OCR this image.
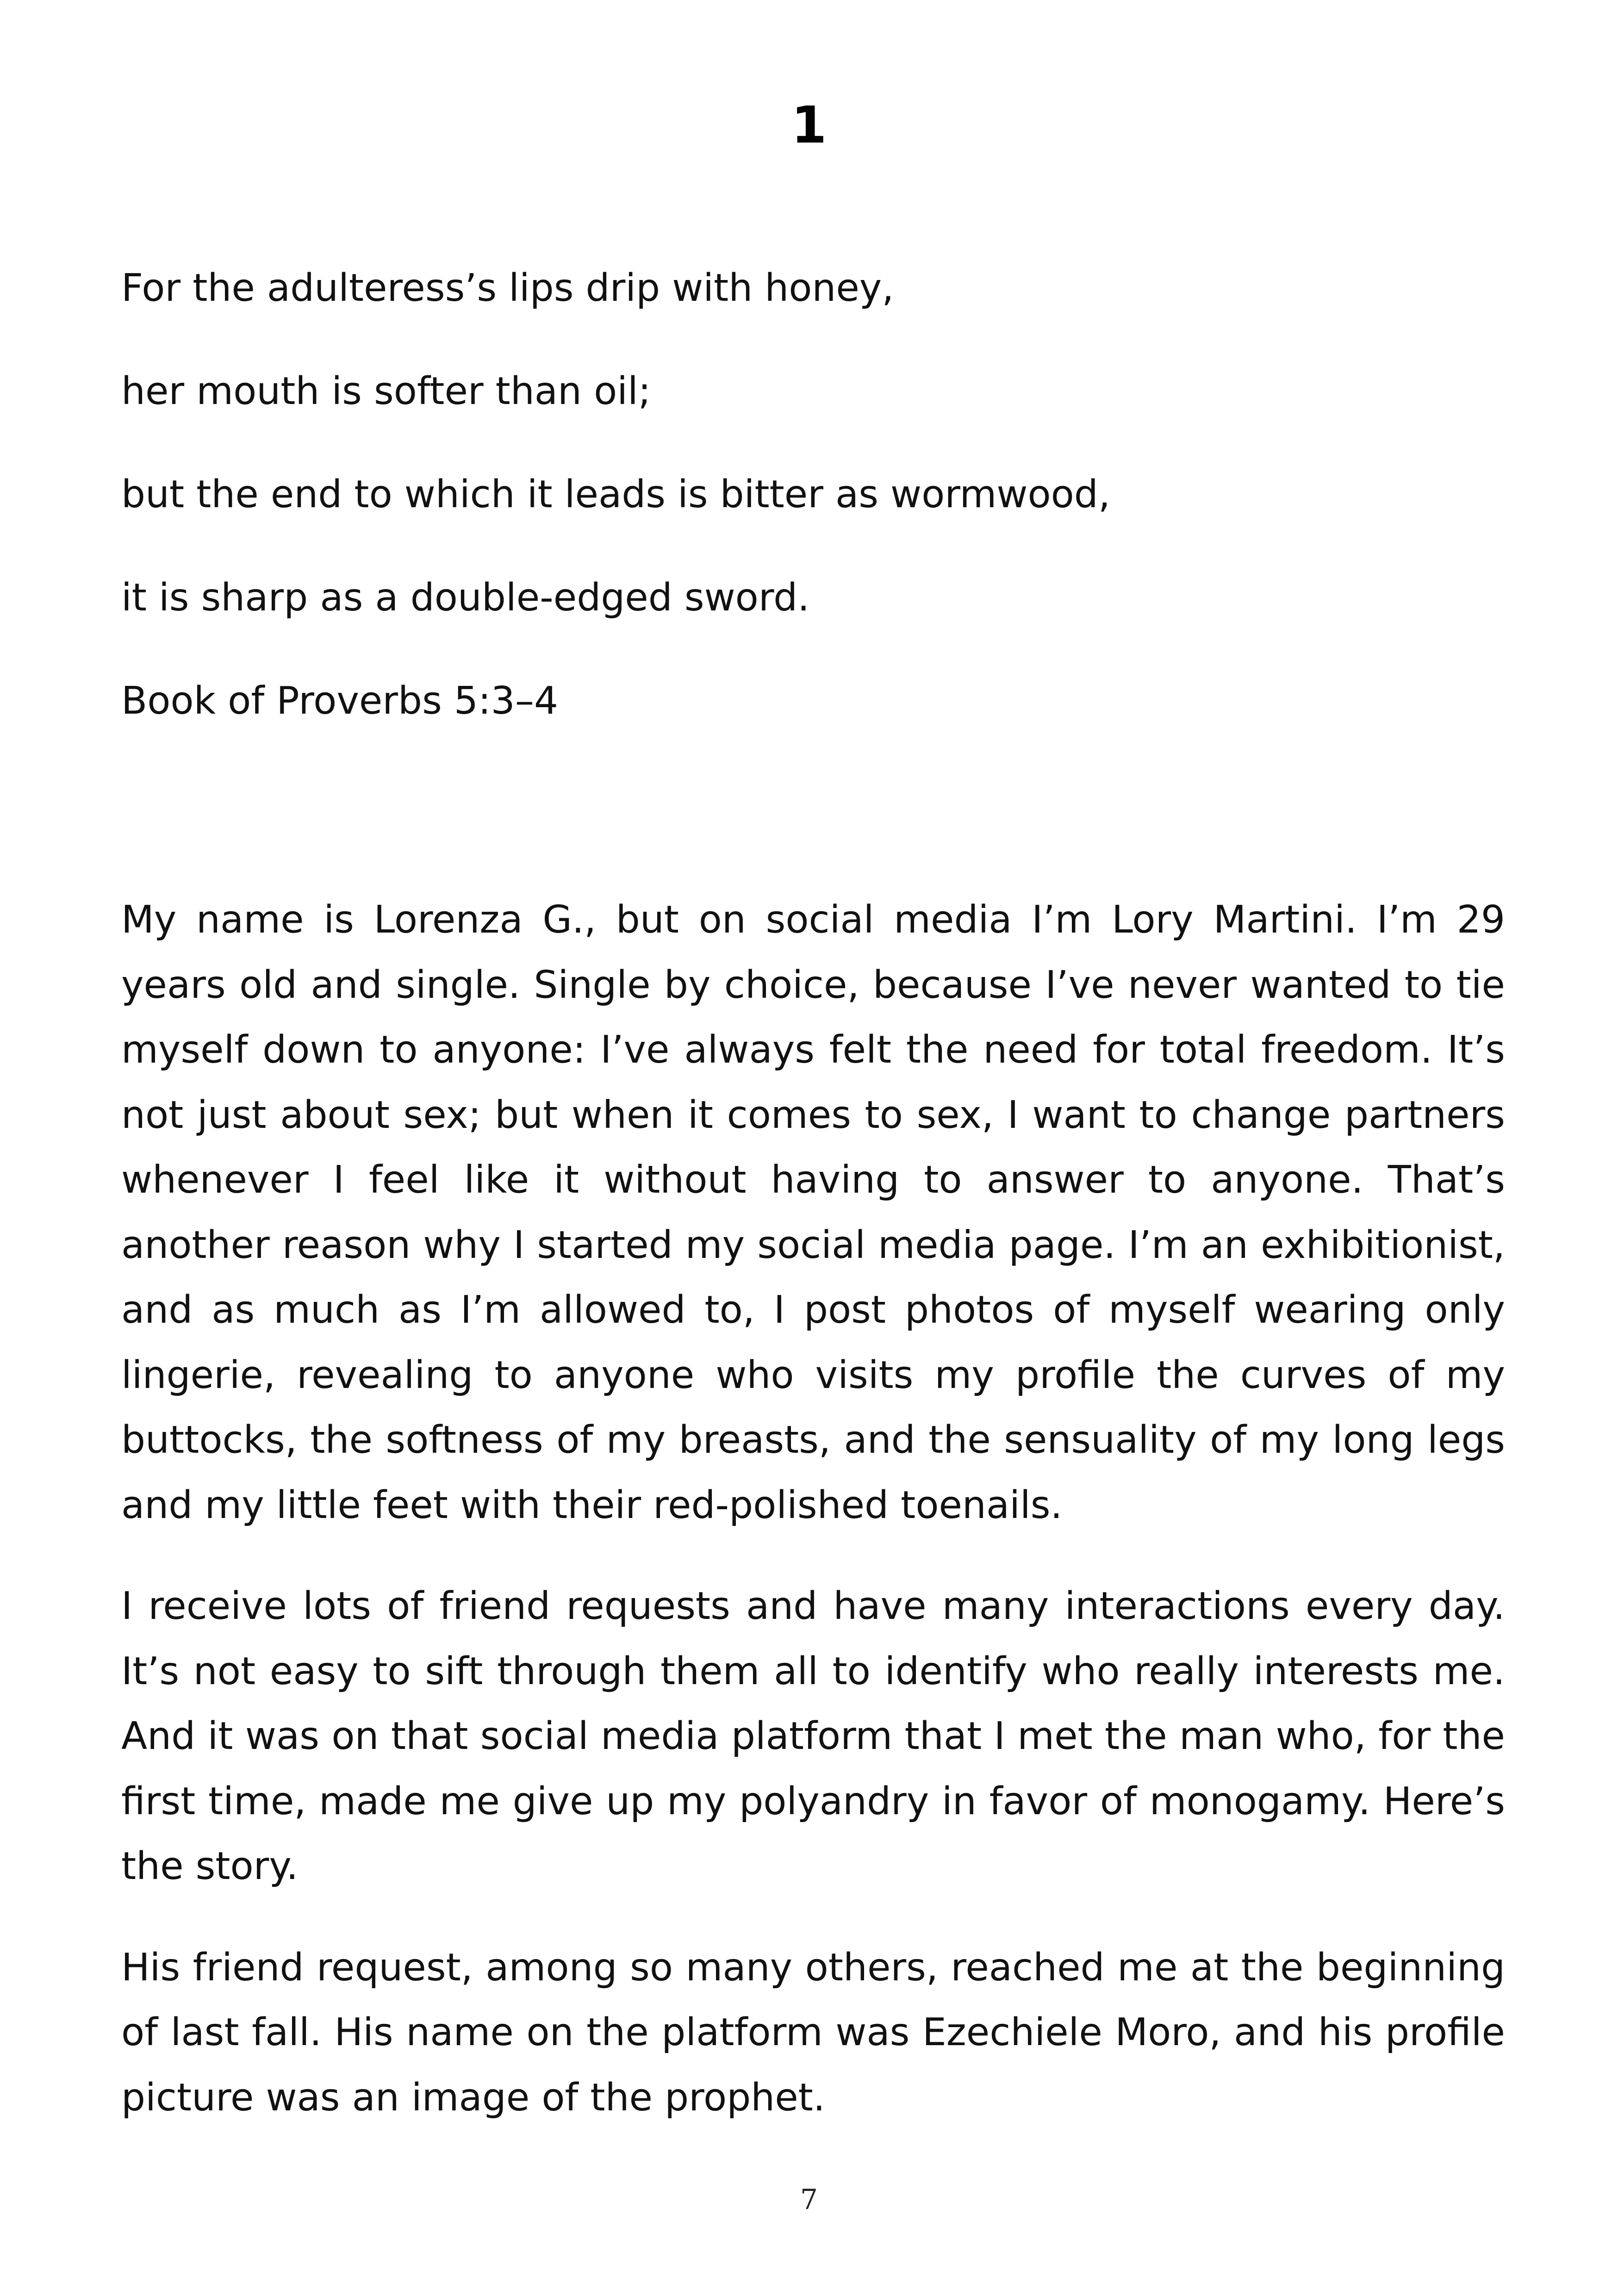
1
For the adulteress’s lips drip with honey,
her mouth is softer than oil;
but the end to which it leads is bitter as wormwood,
it is sharp as a double-edged sword.
Book of Proverbs 5:3–4

My name is Lorenza G., but on social media I’m Lory Martini. I’m 29 years old and single. Single by choice, because I’ve never wanted to tie myself down to anyone: I’ve always felt the need for total freedom. It’s not just about sex; but when it comes to sex, I want to change partners whenever I feel like it without having to answer to anyone. That’s another reason why I started my social media page. I’m an exhibitionist, and as much as I’m allowed to, I post photos of myself wearing only lingerie, revealing to anyone who visits my profile the curves of my buttocks, the softness of my breasts, and the sensuality of my long legs and my little feet with their red-polished toenails.

I receive lots of friend requests and have many interactions every day. It’s not easy to sift through them all to identify who really interests me. And it was on that social media platform that I met the man who, for the first time, made me give up my polyandry in favor of monogamy. Here’s the story.

His friend request, among so many others, reached me at the beginning of last fall. His name on the platform was Ezechiele Moro, and his profile picture was an image of the prophet.

7
